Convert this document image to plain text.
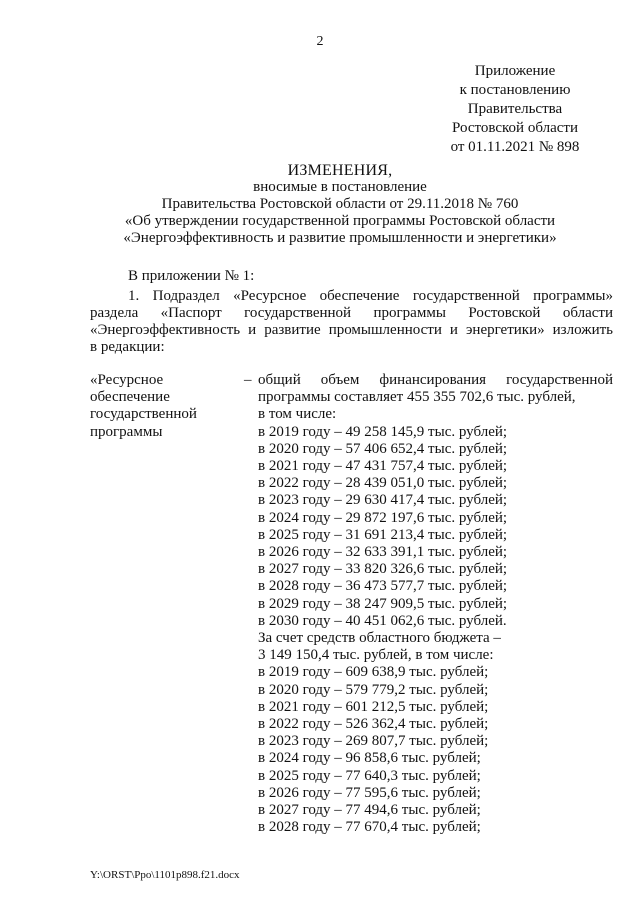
2
Приложение
к постановлению
Правительства
Ростовской области
от 01.11.2021 № 898
ИЗМЕНЕНИЯ,
вносимые в постановление
Правительства Ростовской области от 29.11.2018 № 760
«Об утверждении государственной программы Ростовской области
«Энергоэффективность и развитие промышленности и энергетики»
В приложении № 1:
1. Подраздел «Ресурсное обеспечение государственной программы»
раздела «Паспорт государственной программы Ростовской области
«Энергоэффективность и развитие промышленности и энергетики» изложить
в редакции:
«Ресурсное
обеспечение
государственной
программы
– общий объем финансирования государственной
программы составляет 455 355 702,6 тыс. рублей,
в том числе:
в 2019 году – 49 258 145,9 тыс. рублей;
в 2020 году – 57 406 652,4 тыс. рублей;
в 2021 году – 47 431 757,4 тыс. рублей;
в 2022 году – 28 439 051,0 тыс. рублей;
в 2023 году – 29 630 417,4 тыс. рублей;
в 2024 году – 29 872 197,6 тыс. рублей;
в 2025 году – 31 691 213,4 тыс. рублей;
в 2026 году – 32 633 391,1 тыс. рублей;
в 2027 году – 33 820 326,6 тыс. рублей;
в 2028 году – 36 473 577,7 тыс. рублей;
в 2029 году – 38 247 909,5 тыс. рублей;
в 2030 году – 40 451 062,6 тыс. рублей.
За счет средств областного бюджета –
3 149 150,4 тыс. рублей, в том числе:
в 2019 году – 609 638,9 тыс. рублей;
в 2020 году – 579 779,2 тыс. рублей;
в 2021 году – 601 212,5 тыс. рублей;
в 2022 году – 526 362,4 тыс. рублей;
в 2023 году – 269 807,7 тыс. рублей;
в 2024 году – 96 858,6 тыс. рублей;
в 2025 году – 77 640,3 тыс. рублей;
в 2026 году – 77 595,6 тыс. рублей;
в 2027 году – 77 494,6 тыс. рублей;
в 2028 году – 77 670,4 тыс. рублей;
Y:\ORST\Ppo\1101p898.f21.docx
